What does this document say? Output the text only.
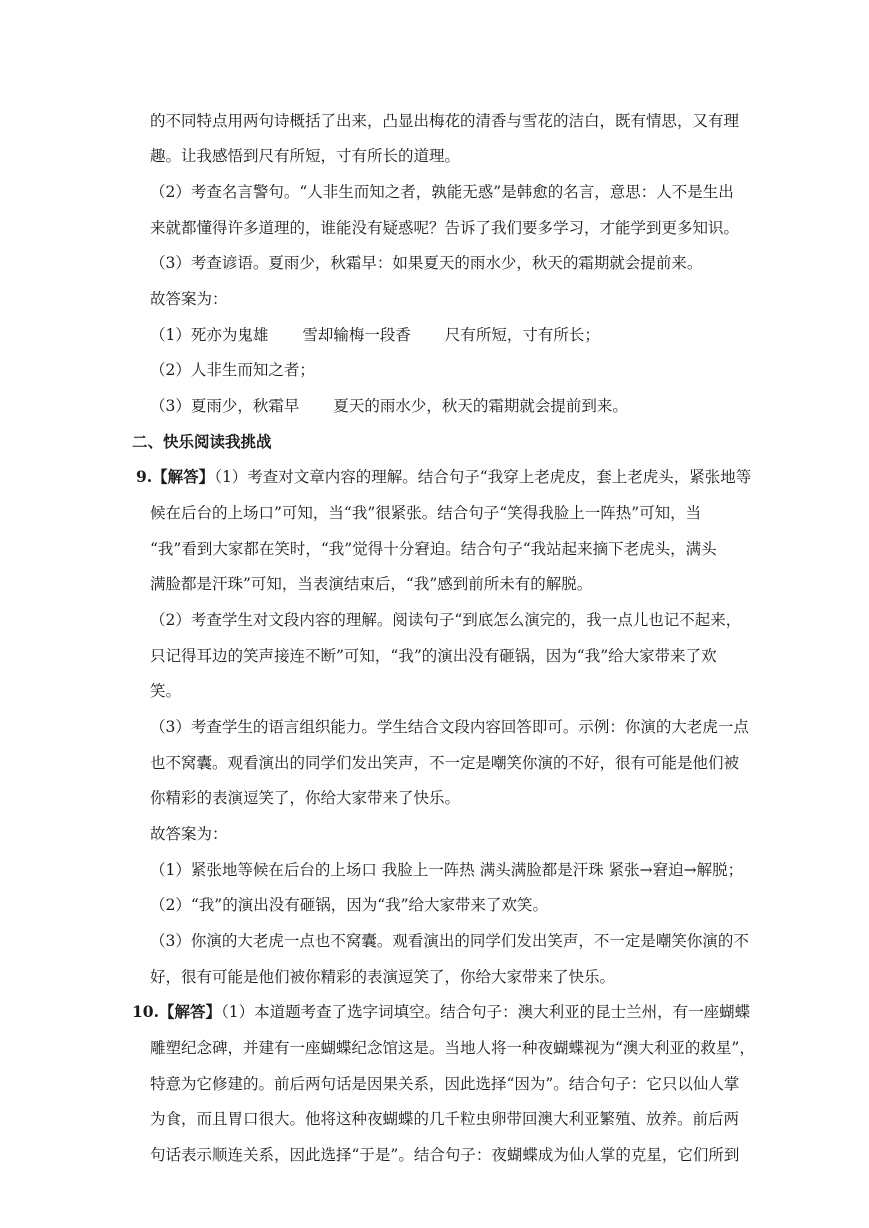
的不同特点用两句诗概括了出来，凸显出梅花的清香与雪花的洁白，既有情思，又有理
趣。让我感悟到尺有所短，寸有所长的道理。
（2）考查名言警句。“人非生而知之者，孰能无惑”是韩愈的名言，意思：人不是生出
来就都懂得许多道理的，谁能没有疑惑呢？告诉了我们要多学习，才能学到更多知识。
（3）考查谚语。夏雨少，秋霜早：如果夏天的雨水少，秋天的霜期就会提前来。
故答案为：
（1）死亦为鬼雄 雪却输梅一段香 尺有所短，寸有所长；
（2）人非生而知之者；
（3）夏雨少，秋霜早 夏天的雨水少，秋天的霜期就会提前到来。
二、快乐阅读我挑战
9.【解答】（1）考查对文章内容的理解。结合句子“我穿上老虎皮，套上老虎头，紧张地等
候在后台的上场口”可知，当“我”很紧张。结合句子“笑得我脸上一阵热”可知，当
“我”看到大家都在笑时，“我”觉得十分窘迫。结合句子“我站起来摘下老虎头，满头
满脸都是汗珠”可知，当表演结束后，“我”感到前所未有的解脱。
（2）考查学生对文段内容的理解。阅读句子“到底怎么演完的，我一点儿也记不起来，
只记得耳边的笑声接连不断”可知，“我”的演出没有砸锅，因为“我”给大家带来了欢
笑。
（3）考查学生的语言组织能力。学生结合文段内容回答即可。示例：你演的大老虎一点
也不窝囊。观看演出的同学们发出笑声，不一定是嘲笑你演的不好，很有可能是他们被
你精彩的表演逗笑了，你给大家带来了快乐。
故答案为：
（1）紧张地等候在后台的上场口 我脸上一阵热 满头满脸都是汗珠 紧张→窘迫→解脱；
（2）“我”的演出没有砸锅，因为“我”给大家带来了欢笑。
（3）你演的大老虎一点也不窝囊。观看演出的同学们发出笑声，不一定是嘲笑你演的不
好，很有可能是他们被你精彩的表演逗笑了，你给大家带来了快乐。
10.【解答】（1）本道题考查了选字词填空。结合句子：澳大利亚的昆士兰州，有一座蝴蝶
雕塑纪念碑，并建有一座蝴蝶纪念馆这是。当地人将一种夜蝴蝶视为“澳大利亚的救星”，
特意为它修建的。前后两句话是因果关系，因此选择“因为”。结合句子：它只以仙人掌
为食，而且胃口很大。他将这种夜蝴蝶的几千粒虫卵带回澳大利亚繁殖、放养。前后两
句话表示顺连关系，因此选择“于是”。结合句子：夜蝴蝶成为仙人掌的克星，它们所到
